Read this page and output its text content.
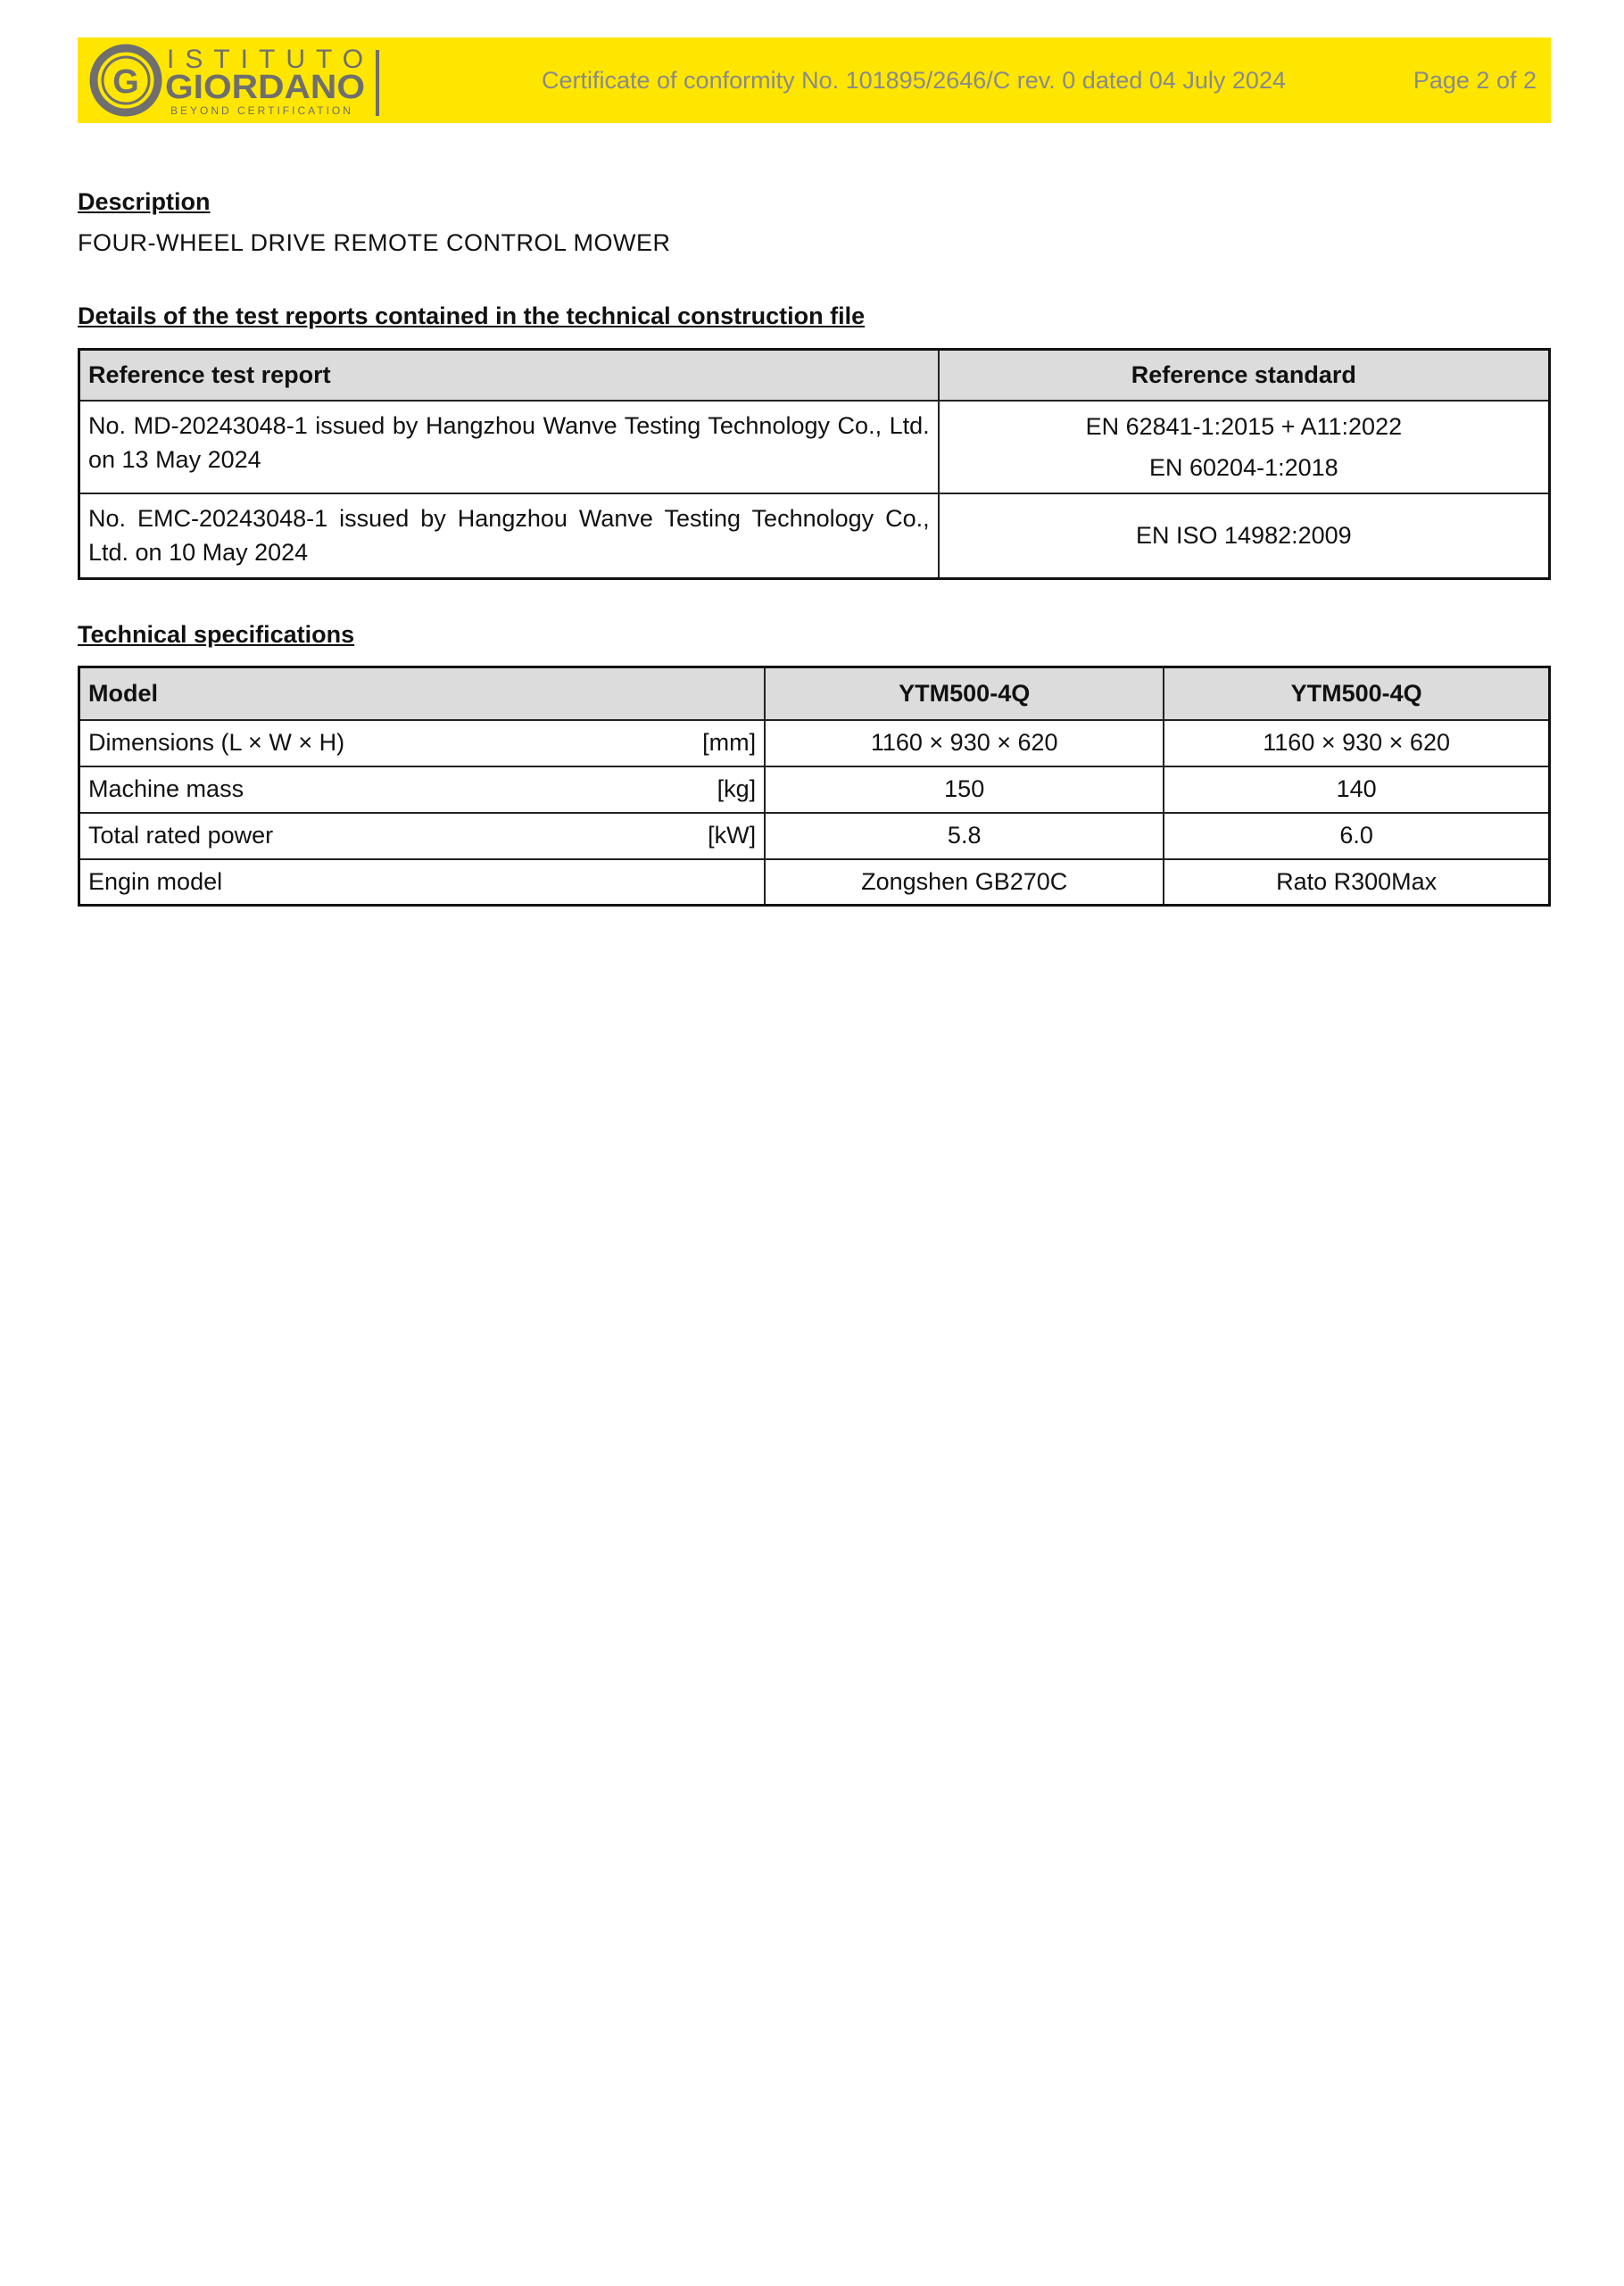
G
ISTITUTO
GIORDANO
BEYOND CERTIFICATION
Certificate of conformity No. 101895/2646/C rev. 0 dated 04 July 2024	Page 2 of 2
Description
FOUR-WHEEL DRIVE REMOTE CONTROL MOWER
Details of the test reports contained in the technical construction file
Reference test report	Reference standard
No. MD-20243048-1 issued by Hangzhou Wanve Testing Technology Co., Ltd. on 13 May 2024	EN 62841-1:2015 + A11:2022
EN 60204-1:2018

No. EMC-20243048-1 issued by Hangzhou Wanve Testing Technology Co., Ltd. on 10 May 2024	EN ISO 14982:2009
Technical specifications
Model	YTM500-4Q	YTM500-4Q

Dimensions (L × W × H) [mm]	1160 × 930 × 620	1160 × 930 × 620

Machine mass [kg]	150	140

Total rated power [kW]	5.8	6.0

Engin model	Zongshen GB270C	Rato R300Max
